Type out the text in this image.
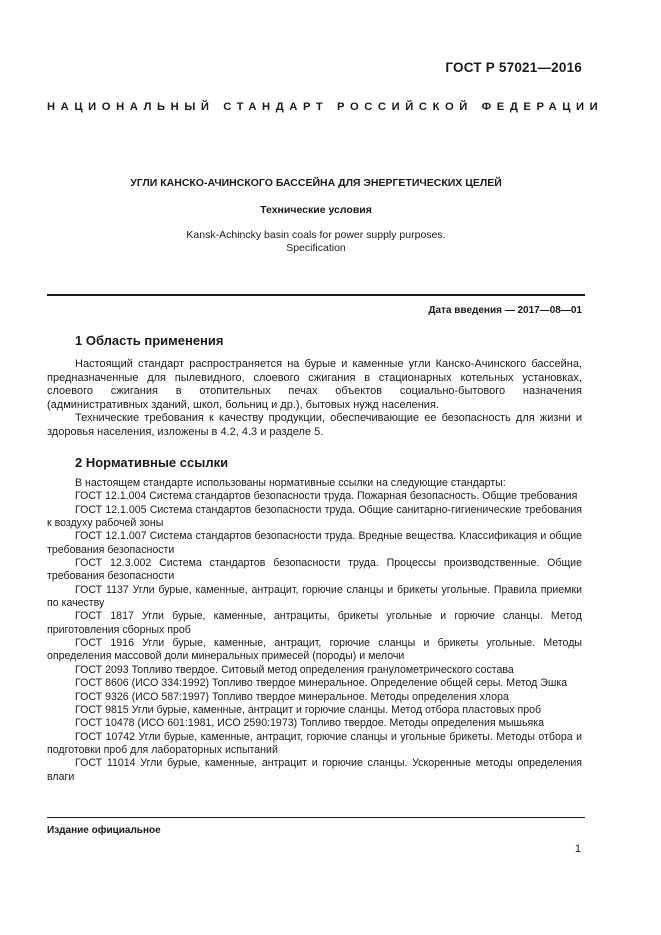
ГОСТ Р 57021—2016
НАЦИОНАЛЬНЫЙ СТАНДАРТ РОССИЙСКОЙ ФЕДЕРАЦИИ
УГЛИ КАНСКО-АЧИНСКОГО БАССЕЙНА ДЛЯ ЭНЕРГЕТИЧЕСКИХ ЦЕЛЕЙ
Технические условия
Kansk-Achincky basin coals for power supply purposes.
Specification
Дата введения — 2017—08—01
1 Область применения

Настоящий стандарт распространяется на бурые и каменные угли Канско-Ачинского бассейна, предназначенные для пылевидного, слоевого сжигания в стационарных котельных установках, слоевого сжигания в отопительных печах объектов социально-бытового назначения (административных зданий, школ, больниц и др.), бытовых нужд населения.

Технические требования к качеству продукции, обеспечивающие ее безопасность для жизни и здоровья населения, изложены в 4.2, 4.3 и разделе 5.

2 Нормативные ссылки
В настоящем стандарте использованы нормативные ссылки на следующие стандарты:
ГОСТ 12.1.004 Система стандартов безопасности труда. Пожарная безопасность. Общие требования
ГОСТ 12.1.005 Система стандартов безопасности труда. Общие санитарно-гигиенические требования к воздуху рабочей зоны
ГОСТ 12.1.007 Система стандартов безопасности труда. Вредные вещества. Классификация и общие требования безопасности
ГОСТ 12.3.002 Система стандартов безопасности труда. Процессы производственные. Общие требования безопасности
ГОСТ 1137 Угли бурые, каменные, антрацит, горючие сланцы и брикеты угольные. Правила приемки по качеству
ГОСТ 1817 Угли бурые, каменные, антрациты, брикеты угольные и горючие сланцы. Метод приготовления сборных проб
ГОСТ 1916 Угли бурые, каменные, антрацит, горючие сланцы и брикеты угольные. Методы определения массовой доли минеральных примесей (породы) и мелочи
ГОСТ 2093 Топливо твердое. Ситовый метод определения гранулометрического состава
ГОСТ 8606 (ИСО 334:1992) Топливо твердое минеральное. Определение общей серы. Метод Эшка
ГОСТ 9326 (ИСО 587:1997) Топливо твердое минеральное. Методы определения хлора
ГОСТ 9815 Угли бурые, каменные, антрацит и горючие сланцы. Метод отбора пластовых проб
ГОСТ 10478 (ИСО 601:1981, ИСО 2590:1973) Топливо твердое. Методы определения мышьяка
ГОСТ 10742 Угли бурые, каменные, антрацит, горючие сланцы и угольные брикеты. Методы отбора и подготовки проб для лабораторных испытаний
ГОСТ 11014 Угли бурые, каменные, антрацит и горючие сланцы. Ускоренные методы определения влаги
Издание официальное
1
